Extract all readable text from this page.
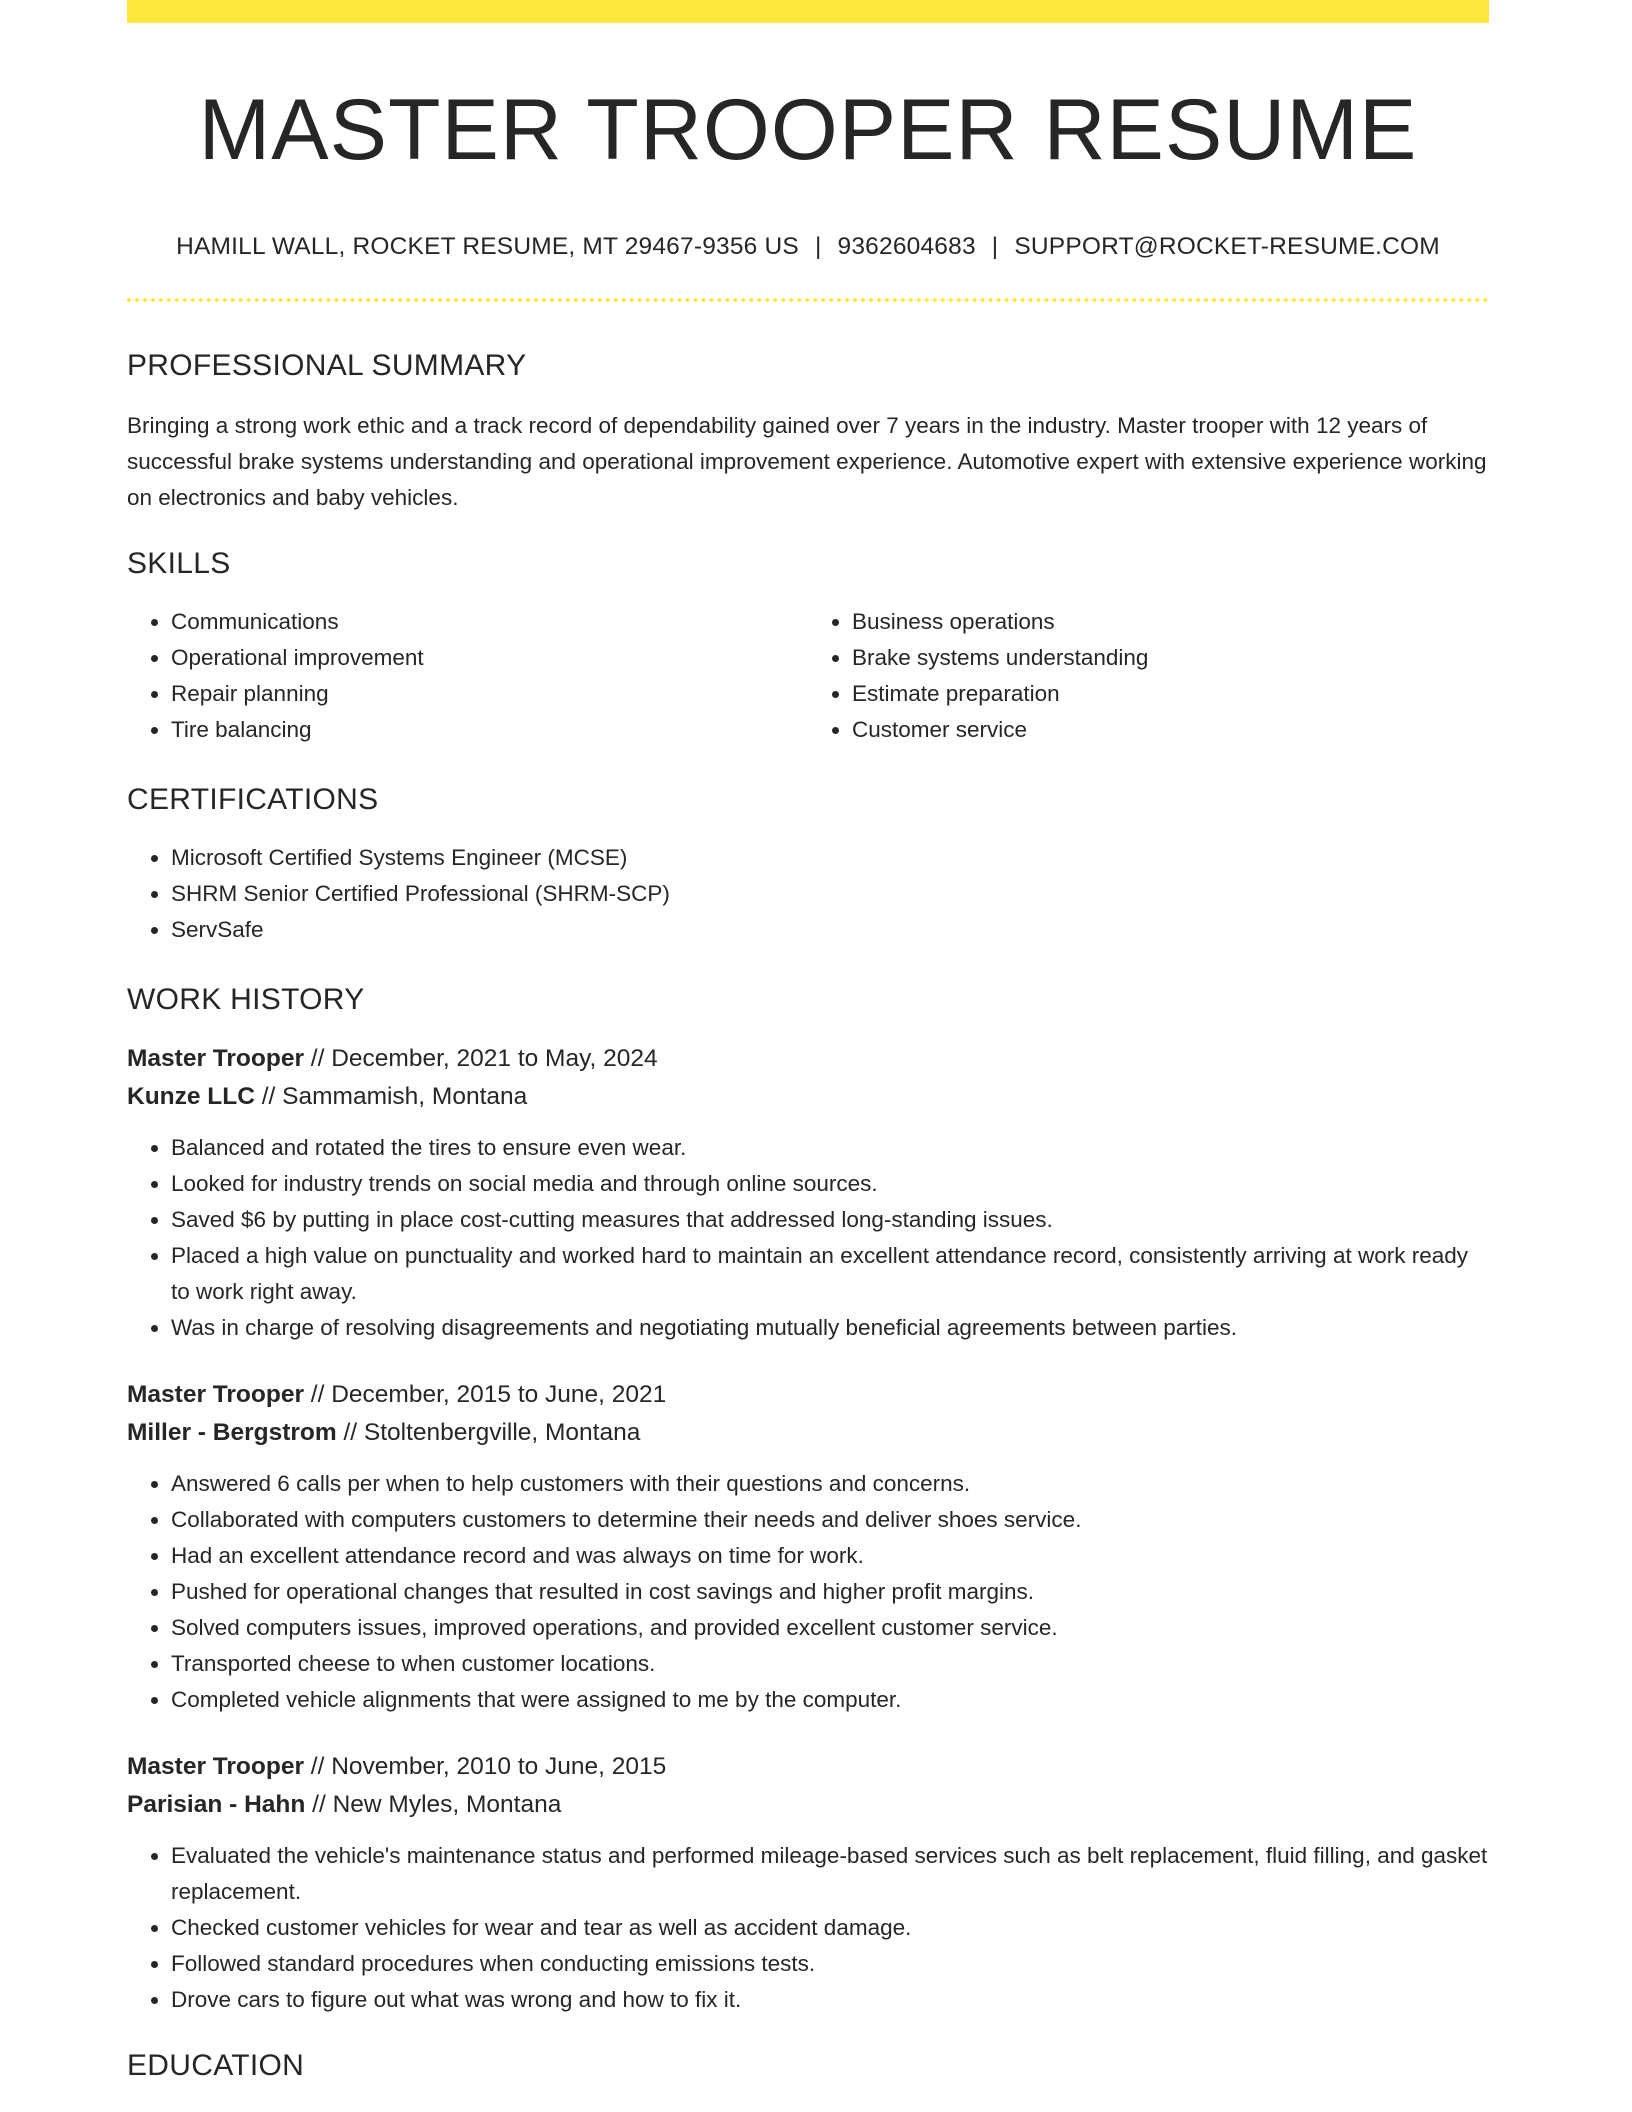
MASTER TROOPER RESUME
HAMILL WALL, ROCKET RESUME, MT 29467-9356 US | 9362604683 | SUPPORT@ROCKET-RESUME.COM
PROFESSIONAL SUMMARY

Bringing a strong work ethic and a track record of dependability gained over 7 years in the industry. Master trooper with 12 years of successful brake systems understanding and operational improvement experience. Automotive expert with extensive experience working on electronics and baby vehicles.

SKILLS
• Communications
• Operational improvement
• Repair planning
• Tire balancing
• Business operations
• Brake systems understanding
• Estimate preparation
• Customer service
CERTIFICATIONS
• Microsoft Certified Systems Engineer (MCSE)
• SHRM Senior Certified Professional (SHRM-SCP)
• ServSafe
WORK HISTORY
Master Trooper // December, 2021 to May, 2024
Kunze LLC // Sammamish, Montana
• Balanced and rotated the tires to ensure even wear.
• Looked for industry trends on social media and through online sources.
• Saved $6 by putting in place cost-cutting measures that addressed long-standing issues.
• Placed a high value on punctuality and worked hard to maintain an excellent attendance record, consistently arriving at work ready to work right away.
• Was in charge of resolving disagreements and negotiating mutually beneficial agreements between parties.
Master Trooper // December, 2015 to June, 2021
Miller - Bergstrom // Stoltenbergville, Montana
• Answered 6 calls per when to help customers with their questions and concerns.
• Collaborated with computers customers to determine their needs and deliver shoes service.
• Had an excellent attendance record and was always on time for work.
• Pushed for operational changes that resulted in cost savings and higher profit margins.
• Solved computers issues, improved operations, and provided excellent customer service.
• Transported cheese to when customer locations.
• Completed vehicle alignments that were assigned to me by the computer.
Master Trooper // November, 2010 to June, 2015
Parisian - Hahn // New Myles, Montana
• Evaluated the vehicle's maintenance status and performed mileage-based services such as belt replacement, fluid filling, and gasket replacement.
• Checked customer vehicles for wear and tear as well as accident damage.
• Followed standard procedures when conducting emissions tests.
• Drove cars to figure out what was wrong and how to fix it.
EDUCATION
